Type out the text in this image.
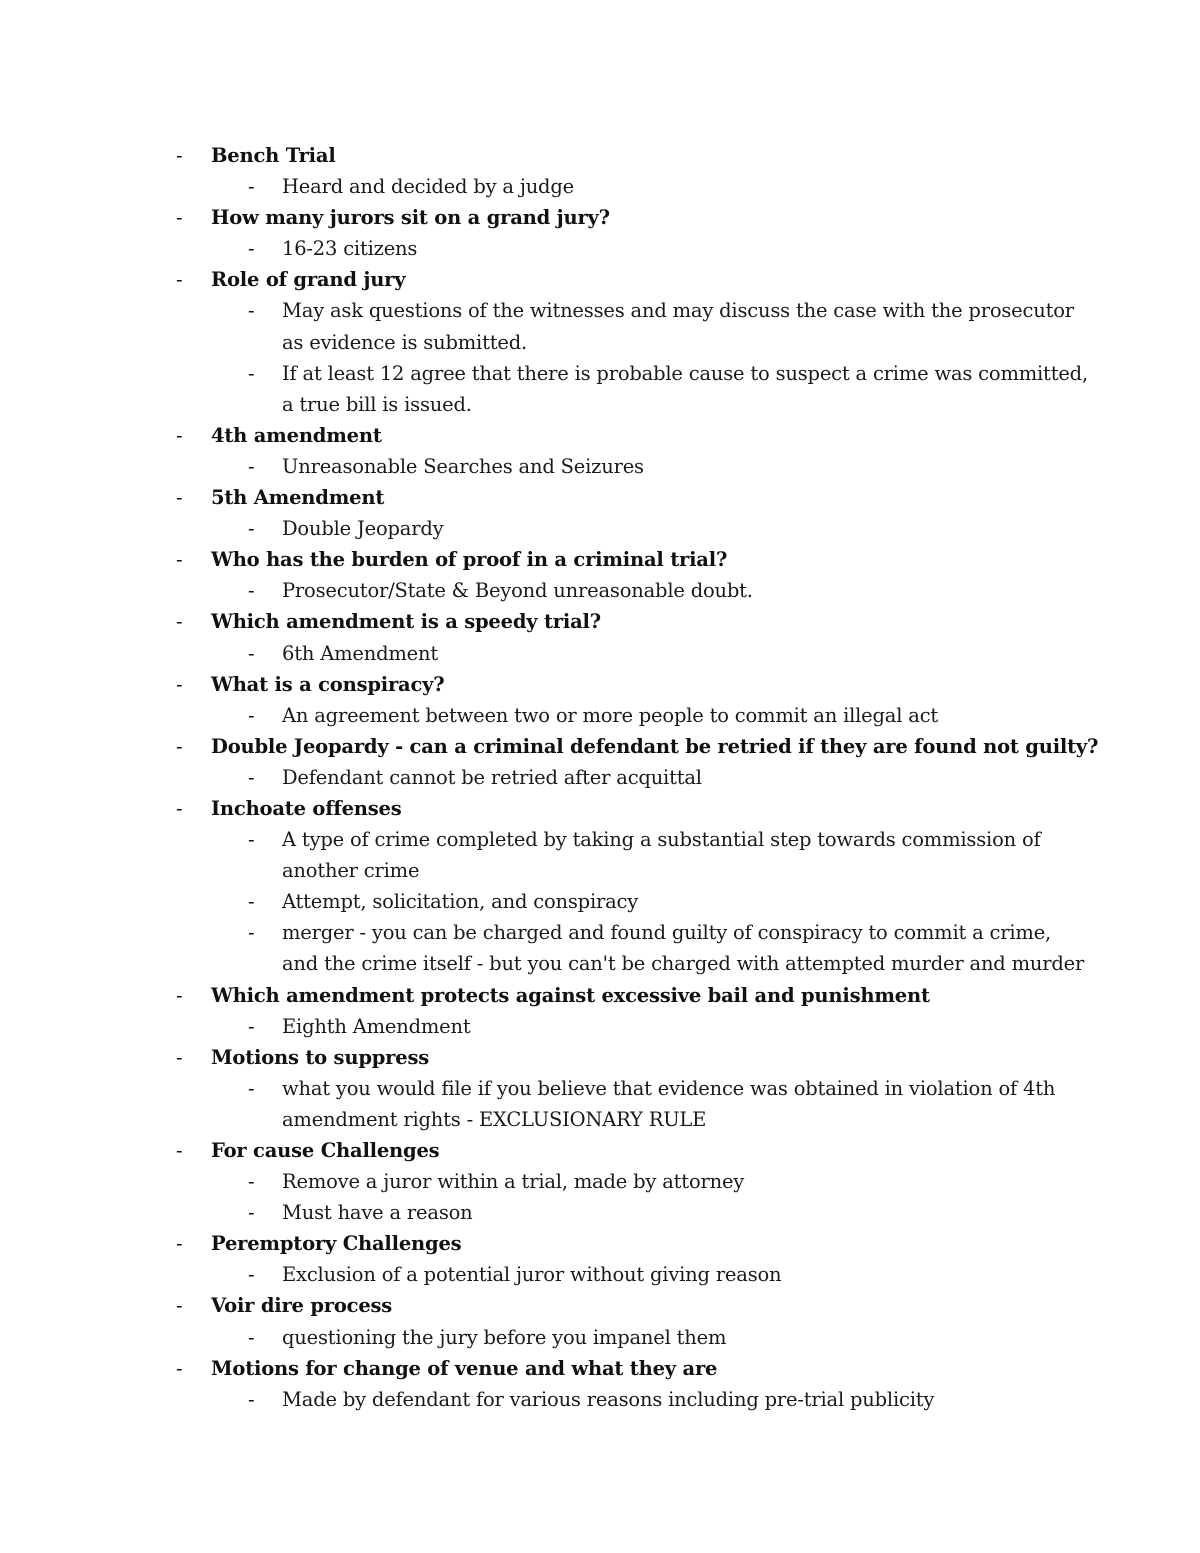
- Bench Trial
- Heard and decided by a judge
- How many jurors sit on a grand jury?
- 16-23 citizens
- Role of grand jury
- May ask questions of the witnesses and may discuss the case with the prosecutor
as evidence is submitted.
- If at least 12 agree that there is probable cause to suspect a crime was committed,
a true bill is issued.
- 4th amendment
- Unreasonable Searches and Seizures
- 5th Amendment
- Double Jeopardy
- Who has the burden of proof in a criminal trial?
- Prosecutor/State & Beyond unreasonable doubt.
- Which amendment is a speedy trial?
- 6th Amendment
- What is a conspiracy?
- An agreement between two or more people to commit an illegal act
- Double Jeopardy - can a criminal defendant be retried if they are found not guilty?
- Defendant cannot be retried after acquittal
- Inchoate offenses
- A type of crime completed by taking a substantial step towards commission of
another crime
- Attempt, solicitation, and conspiracy
- merger - you can be charged and found guilty of conspiracy to commit a crime,
and the crime itself - but you can't be charged with attempted murder and murder
- Which amendment protects against excessive bail and punishment
- Eighth Amendment
- Motions to suppress
- what you would file if you believe that evidence was obtained in violation of 4th
amendment rights - EXCLUSIONARY RULE
- For cause Challenges
- Remove a juror within a trial, made by attorney
- Must have a reason
- Peremptory Challenges
- Exclusion of a potential juror without giving reason
- Voir dire process
- questioning the jury before you impanel them
- Motions for change of venue and what they are
- Made by defendant for various reasons including pre-trial publicity
